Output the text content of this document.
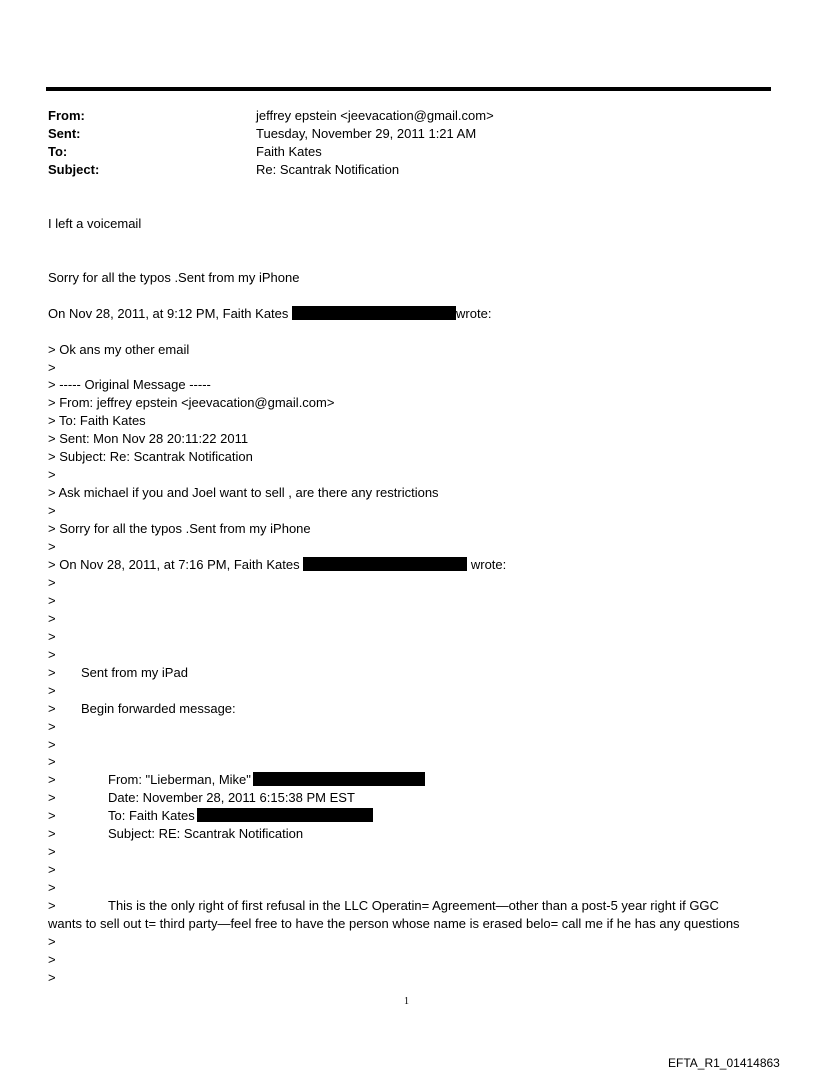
From:	jeffrey epstein <jeevacation@gmail.com>
Sent:	Tuesday, November 29, 2011 1:21 AM
To:	Faith Kates
Subject:	Re: Scantrak Notification
I left a voicemail
Sorry for all the typos .Sent from my iPhone
On Nov 28, 2011, at 9:12 PM, Faith Kates	wrote:
> Ok ans my other email
>
> ----- Original Message -----
> From: jeffrey epstein <jeevacation@gmail.com>
> To: Faith Kates
> Sent: Mon Nov 28 20:11:22 2011
> Subject: Re: Scantrak Notification
>
> Ask michael if you and Joel want to sell , are there any restrictions
>
> Sorry for all the typos .Sent from my iPhone
>
> On Nov 28, 2011, at 7:16 PM, Faith Kates	wrote:
>
>
>
>
>
> Sent from my iPad
>
> Begin forwarded message:
>
>
>
>	From: "Lieberman, Mike"
>	Date: November 28, 2011 6:15:38 PM EST
>	To: Faith Kates
>	Subject: RE: Scantrak Notification
>
>
>
>	This is the only right of first refusal in the LLC Operatin= Agreement—other than a post-5 year right if GGC
wants to sell out t= third party—feel free to have the person whose name is erased belo= call me if he has any questions
>
>
>
1
EFTA_R1_01414863
